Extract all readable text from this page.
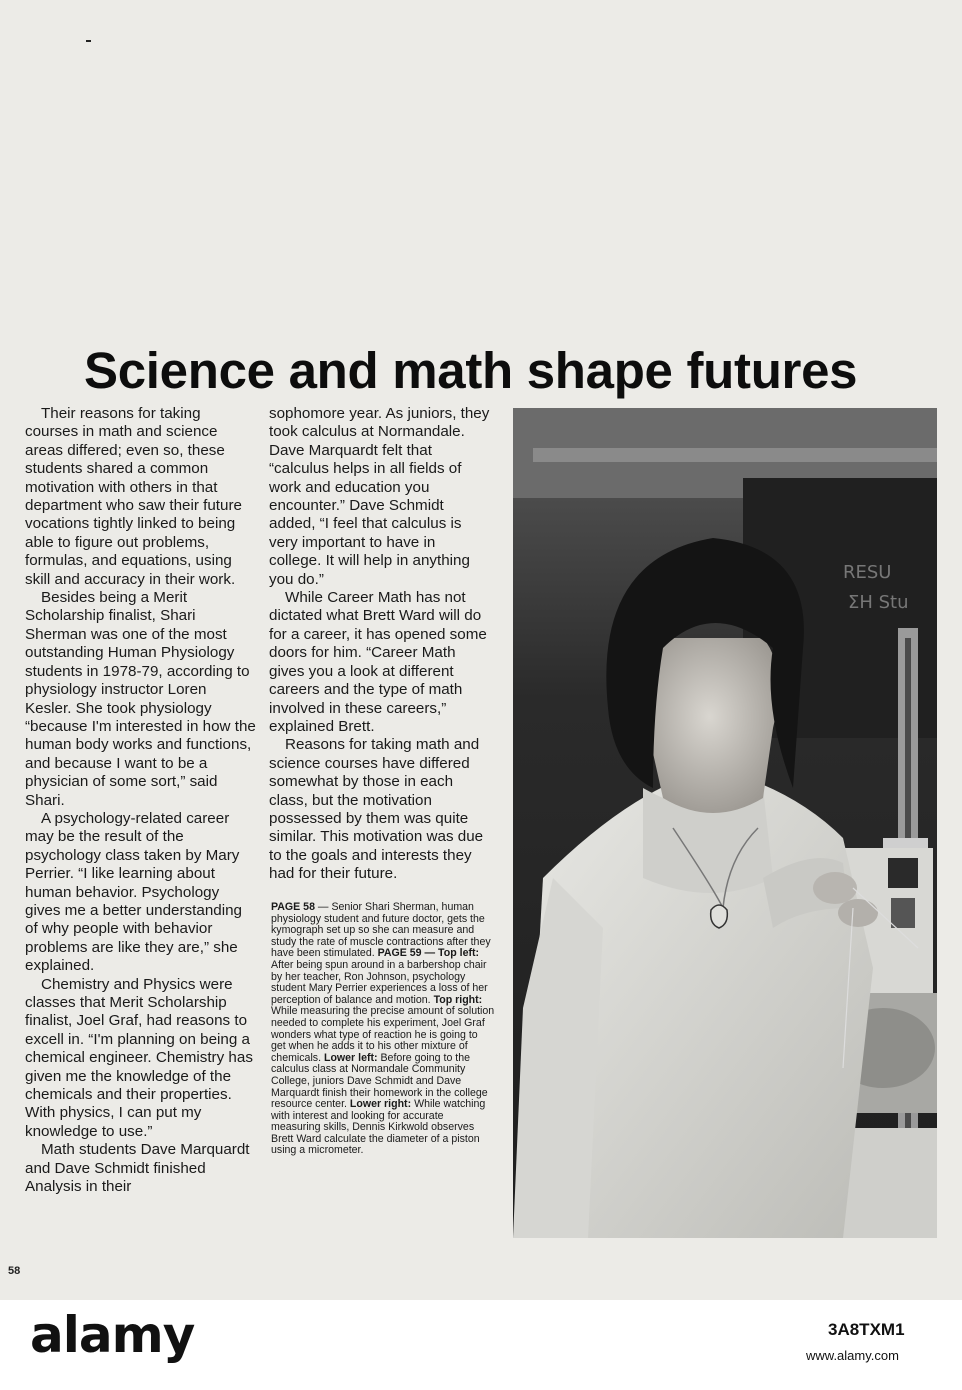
Science and math shape futures

Their reasons for taking courses in math and science areas differed; even so, these students shared a common motivation with others in that department who saw their future vocations tightly linked to being able to figure out problems, formulas, and equations, using skill and accuracy in their work.

Besides being a Merit Scholarship finalist, Shari Sherman was one of the most outstanding Human Physiology students in 1978-79, according to physiology instructor Loren Kesler. She took physiology “because I'm interested in how the human body works and functions, and because I want to be a physician of some sort,” said Shari.

A psychology-related career may be the result of the psychology class taken by Mary Perrier. “I like learning about human behavior. Psychology gives me a better understanding of why people with behavior problems are like they are,” she explained.

Chemistry and Physics were classes that Merit Scholarship finalist, Joel Graf, had reasons to excell in. “I'm planning on being a chemical engineer. Chemistry has given me the knowledge of the chemicals and their properties. With physics, I can put my knowledge to use.”

Math students Dave Marquardt and Dave Schmidt finished Analysis in their

sophomore year. As juniors, they took calculus at Normandale. Dave Marquardt felt that “calculus helps in all fields of work and education you encounter.” Dave Schmidt added, “I feel that calculus is very important to have in college. It will help in anything you do.”

While Career Math has not dictated what Brett Ward will do for a career, it has opened some doors for him. “Career Math gives you a look at different careers and the type of math involved in these careers,” explained Brett.

Reasons for taking math and science courses have differed somewhat by those in each class, but the motivation possessed by them was quite similar. This motivation was due to the goals and interests they had for their future.

PAGE 58 — Senior Shari Sherman, human physiology student and future doctor, gets the kymograph set up so she can measure and study the rate of muscle contractions after they have been stimulated. PAGE 59 — Top left: After being spun around in a barbershop chair by her teacher, Ron Johnson, psychology student Mary Perrier experiences a loss of her perception of balance and motion. Top right: While measuring the precise amount of solution needed to complete his experiment, Joel Graf wonders what type of reaction he is going to get when he adds it to his other mixture of chemicals. Lower left: Before going to the calculus class at Normandale Community College, juniors Dave Schmidt and Dave Marquardt finish their homework in the college resource center. Lower right: While watching with interest and looking for accurate measuring skills, Dennis Kirkwold observes Brett Ward calculate the diameter of a piston using a micrometer.
RESU
ΣH Stu
58
alamy	3A8TXM1
www.alamy.com
